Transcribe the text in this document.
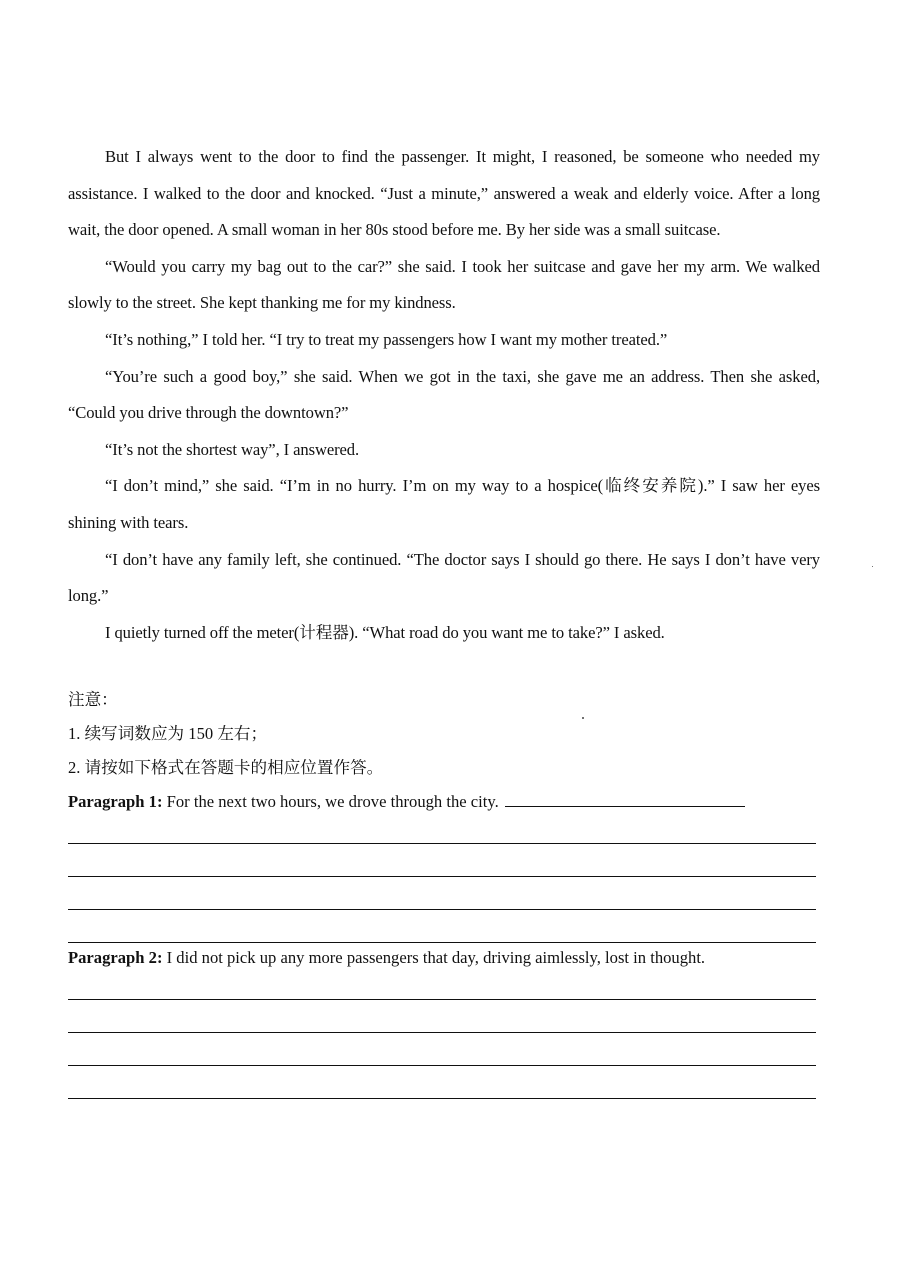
But I always went to the door to find the passenger. It might, I reasoned, be someone who needed my assistance. I walked to the door and knocked. “Just a minute,” answered a weak and elderly voice. After a long wait, the door opened. A small woman in her 80s stood before me. By her side was a small suitcase.

“Would you carry my bag out to the car?” she said. I took her suitcase and gave her my arm. We walked slowly to the street. She kept thanking me for my kindness.

“It’s nothing,” I told her. “I try to treat my passengers how I want my mother treated.”

“You’re such a good boy,” she said. When we got in the taxi, she gave me an address. Then she asked, “Could you drive through the downtown?”

“It’s not the shortest way”, I answered.

“I don’t mind,” she said. “I’m in no hurry. I’m on my way to a hospice(临终安养院).” I saw her eyes shining with tears.

“I don’t have any family left, she continued. “The doctor says I should go there. He says I don’t have very long.”

I quietly turned off the meter(计程器). “What road do you want me to take?” I asked.

注意：
1. 续写词数应为 150 左右；
2. 请按如下格式在答题卡的相应位置作答。
Paragraph 1: For the next two hours, we drove through the city.
Paragraph 2: I did not pick up any more passengers that day, driving aimlessly, lost in thought.
